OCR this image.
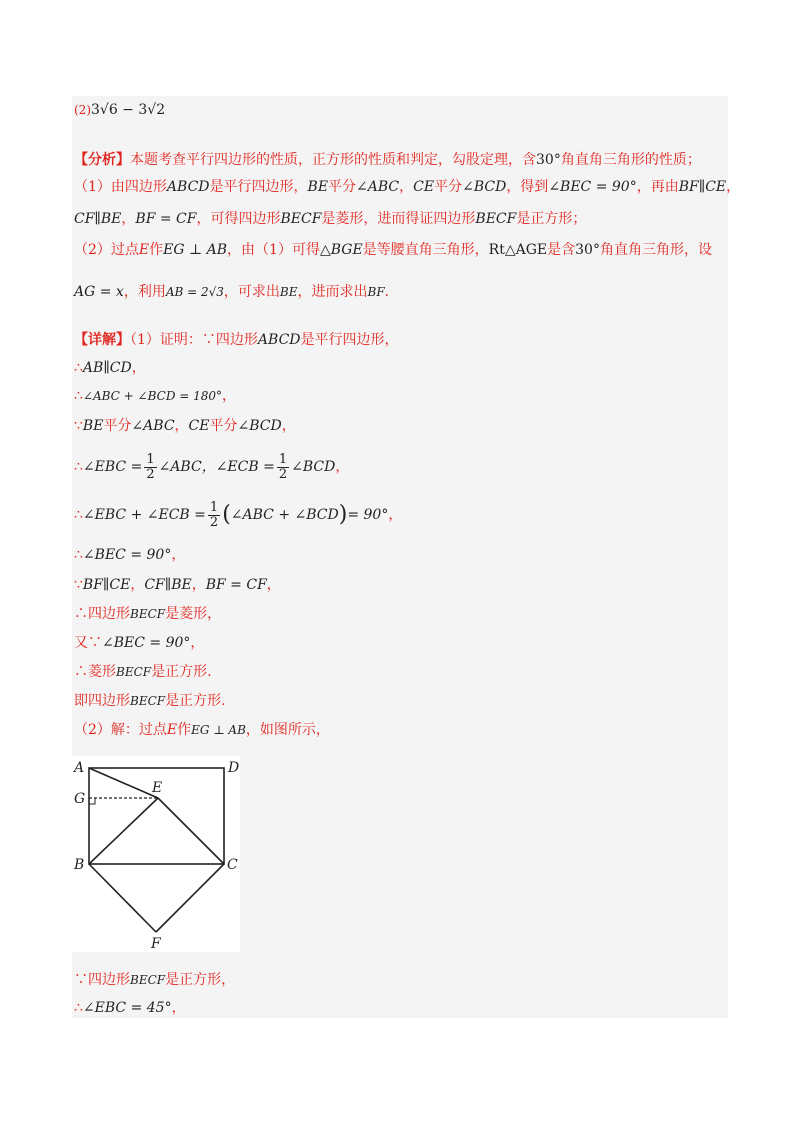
(2)3√6 − 3√2
【分析】本题考查平行四边形的性质，正方形的性质和判定，勾股定理，含30°角直角三角形的性质；
（1）由四边形ABCD是平行四边形，BE平分∠ABC，CE平分∠BCD，得到∠BEC = 90°，再由BF∥CE，
CF∥BE，BF = CF，可得四边形BECF是菱形，进而得证四边形BECF是正方形；
（2）过点E作EG ⊥ AB，由（1）可得△BGE是等腰直角三角形，Rt△AGE是含30°角直角三角形，设
AG = x，利用AB = 2√3，可求出BE，进而求出BF.
【详解】（1）证明：∵四边形ABCD是平行四边形，
∴AB∥CD，
∴∠ABC + ∠BCD = 180°，
∵BE平分∠ABC，CE平分∠BCD，
∴∠EBC = $\frac{1}{2}$ ∠ABC，∠ECB = $\frac{1}{2}$ ∠BCD，
∴∠EBC + ∠ECB = $\frac{1}{2}$ (∠ABC + ∠BCD)= 90°，
∴∠BEC = 90°，
∵BF∥CE，CF∥BE，BF = CF，
∴四边形BECF是菱形，
又∵∠BEC = 90°，
∴菱形BECF是正方形.
即四边形BECF是正方形.
（2）解：过点E作EG ⊥ AB，如图所示，
A	D
G
E
B	C
F
∵四边形BECF是正方形，
∴∠EBC = 45°，
